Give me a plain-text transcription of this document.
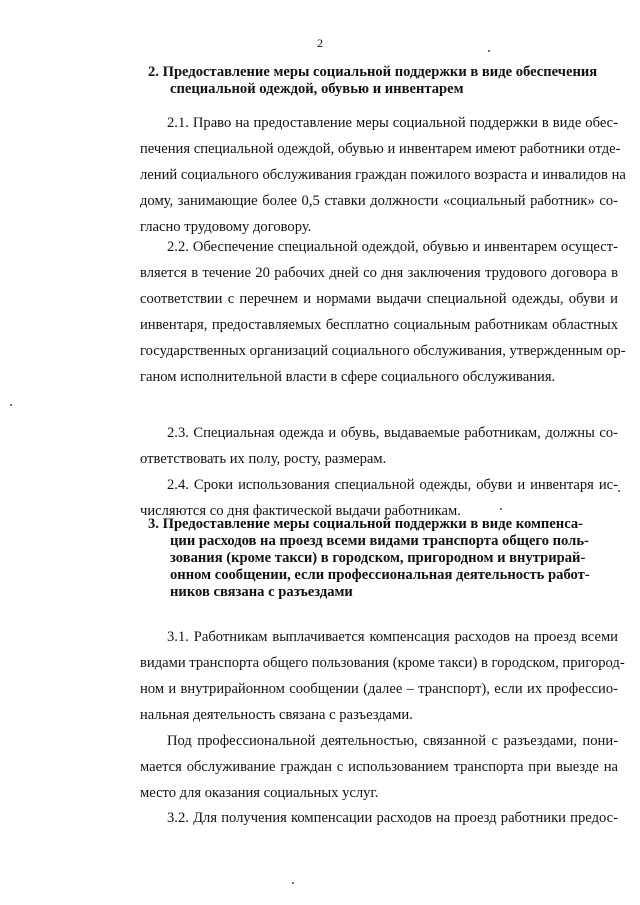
2
2. Предоставление меры социальной поддержки в виде обеспечения
специальной одеждой, обувью и инвентарем
2.1. Право на предоставление меры социальной поддержки в виде обес-
печения специальной одеждой, обувью и инвентарем имеют работники отде-
лений социального обслуживания граждан пожилого возраста и инвалидов на
дому, занимающие более 0,5 ставки должности «социальный работник» со-
гласно трудовому договору.
2.2. Обеспечение специальной одеждой, обувью и инвентарем осущест-
вляется в течение 20 рабочих дней со дня заключения трудового договора в
соответствии с перечнем и нормами выдачи специальной одежды, обуви и
инвентаря, предоставляемых бесплатно социальным работникам областных
государственных организаций социального обслуживания, утвержденным ор-
ганом исполнительной власти в сфере социального обслуживания.
2.3. Специальная одежда и обувь, выдаваемые работникам, должны со-
ответствовать их полу, росту, размерам.
2.4. Сроки использования специальной одежды, обуви и инвентаря ис-
числяются со дня фактической выдачи работникам.
3. Предоставление меры социальной поддержки в виде компенса-
ции расходов на проезд всеми видами транспорта общего поль-
зования (кроме такси) в городском, пригородном и внутрирай-
онном сообщении, если профессиональная деятельность работ-
ников связана с разъездами
3.1. Работникам выплачивается компенсация расходов на проезд всеми
видами транспорта общего пользования (кроме такси) в городском, пригород-
ном и внутрирайонном сообщении (далее – транспорт), если их профессио-
нальная деятельность связана с разъездами.
Под профессиональной деятельностью, связанной с разъездами, пони-
мается обслуживание граждан с использованием транспорта при выезде на
место для оказания социальных услуг.
3.2. Для получения компенсации расходов на проезд работники предос-
